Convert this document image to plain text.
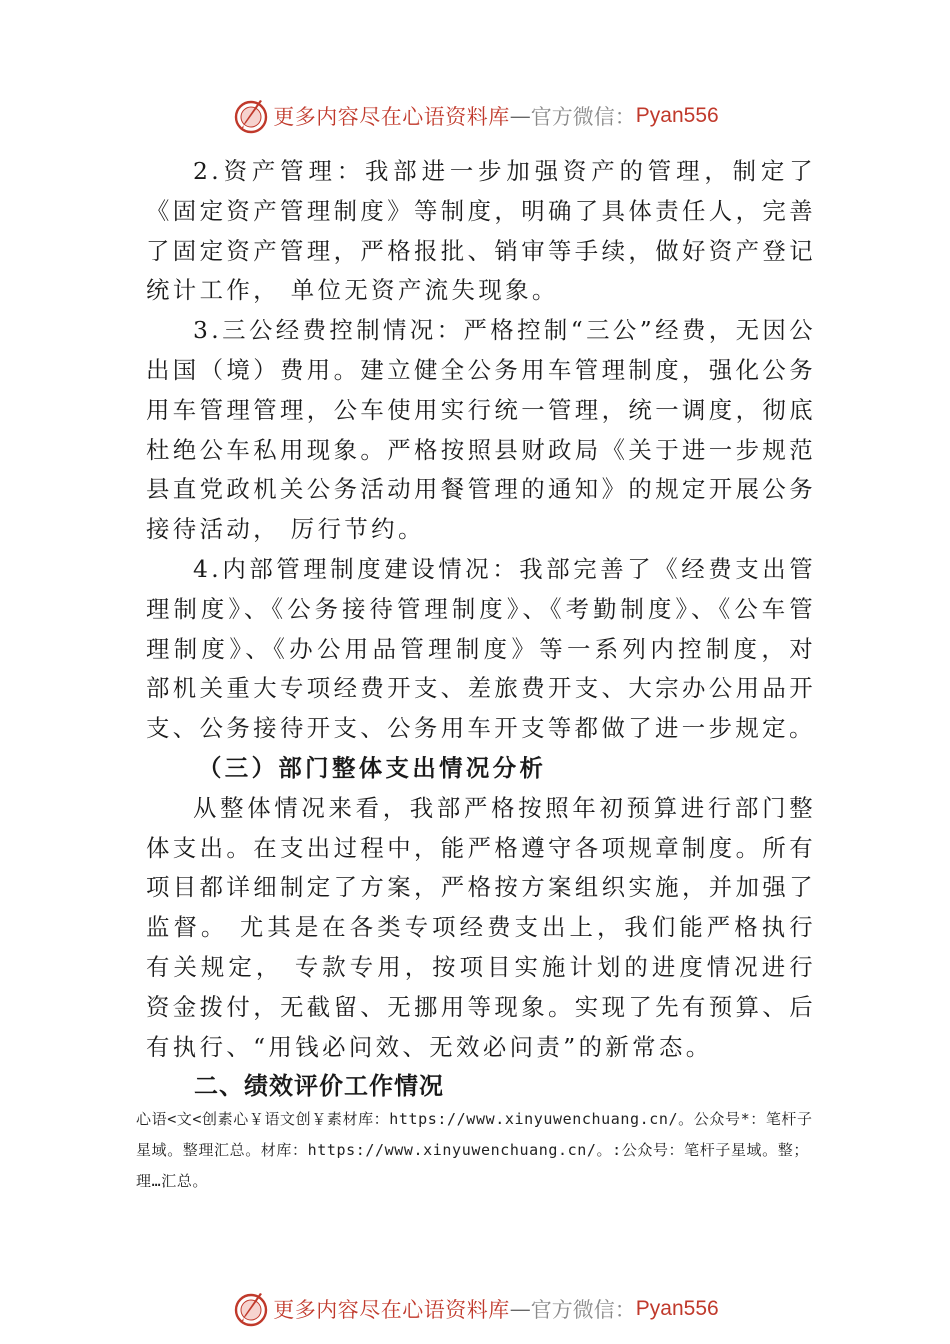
更多内容尽在心语资料库 — 官方微信： Pyan556

2.资产管理：我部进一步加强资产的管理，制定了《固定资产管理制度》等制度，明确了具体责任人，完善了固定资产管理，严格报批、销审等手续，做好资产登记统计工作， 单位无资产流失现象。

3.三公经费控制情况：严格控制“三公”经费，无因公出国（境）费用。建立健全公务用车管理制度，强化公务用车管理管理，公车使用实行统一管理，统一调度，彻底杜绝公车私用现象。严格按照县财政局《关于进一步规范县直党政机关公务活动用餐管理的通知》的规定开展公务接待活动， 厉行节约。

4.内部管理制度建设情况：我部完善了《经费支出管理制度》、《公务接待管理制度》、《考勤制度》、《公车管理制度》、《办公用品管理制度》等一系列内控制度，对部机关重大专项经费开支、差旅费开支、大宗办公用品开支、公务接待开支、公务用车开支等都做了进一步规定。

（三）部门整体支出情况分析

从整体情况来看，我部严格按照年初预算进行部门整体支出。在支出过程中，能严格遵守各项规章制度。所有项目都详细制定了方案，严格按方案组织实施，并加强了监督。 尤其是在各类专项经费支出上，我们能严格执行有关规定， 专款专用，按项目实施计划的进度情况进行资金拨付，无截留、无挪用等现象。实现了先有预算、后有执行、“用钱必问效、无效必问责”的新常态。

二、绩效评价工作情况

心语<文<创素心￥语文创￥素材库：https://www.xinyuwenchuang.cn/。公众号*：笔杆子星域。整理汇总。材库：https://www.xinyuwenchuang.cn/。:公众号：笔杆子星域。整；理…汇总。
更多内容尽在心语资料库 — 官方微信： Pyan556
